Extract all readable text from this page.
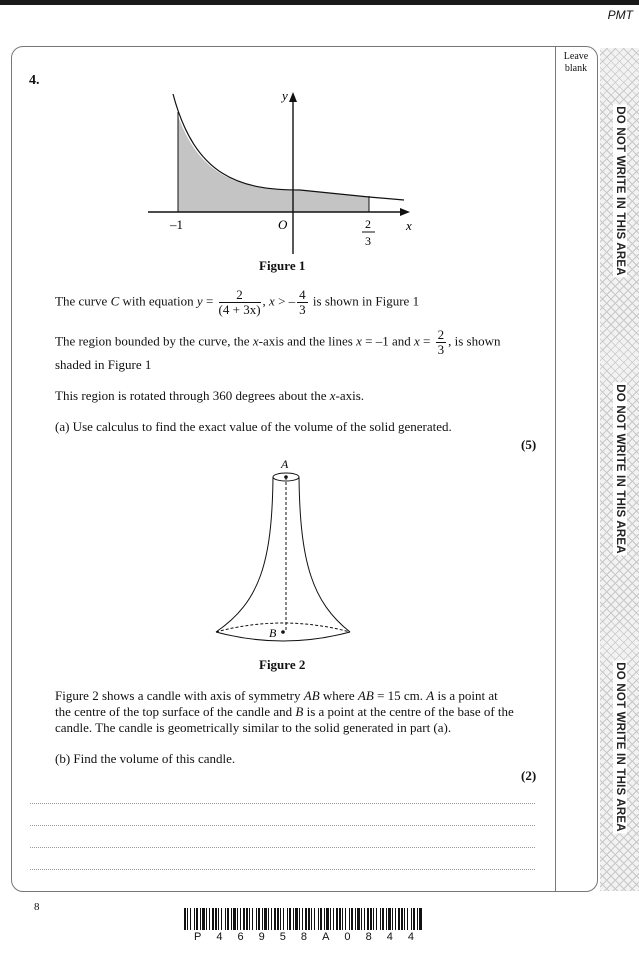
PMT
Leave
blank
DO NOT WRITE IN THIS AREA
DO NOT WRITE IN THIS AREA
DO NOT WRITE IN THIS AREA
4.
y
x
–1	O	2
3
Figure 1
The curve C with equation $y = \frac{2}{(4 + 3x)}$ , x > – $\frac{4}{3}$ is shown in Figure 1
The region bounded by the curve, the x-axis and the lines x = –1 and $x = \frac{2}{3}$ , is shown
shaded in Figure 1
This region is rotated through 360 degrees about the x-axis.
(a) Use calculus to find the exact value of the volume of the solid generated.
(5)
A
B
Figure 2
Figure 2 shows a candle with axis of symmetry AB where AB = 15 cm. A is a point at
the centre of the top surface of the candle and B is a point at the centre of the base of the
candle. The candle is geometrically similar to the solid generated in part (a).
(b) Find the volume of this candle.
(2)
8
P 4 6 9 5 8 A 0 8 4 4
